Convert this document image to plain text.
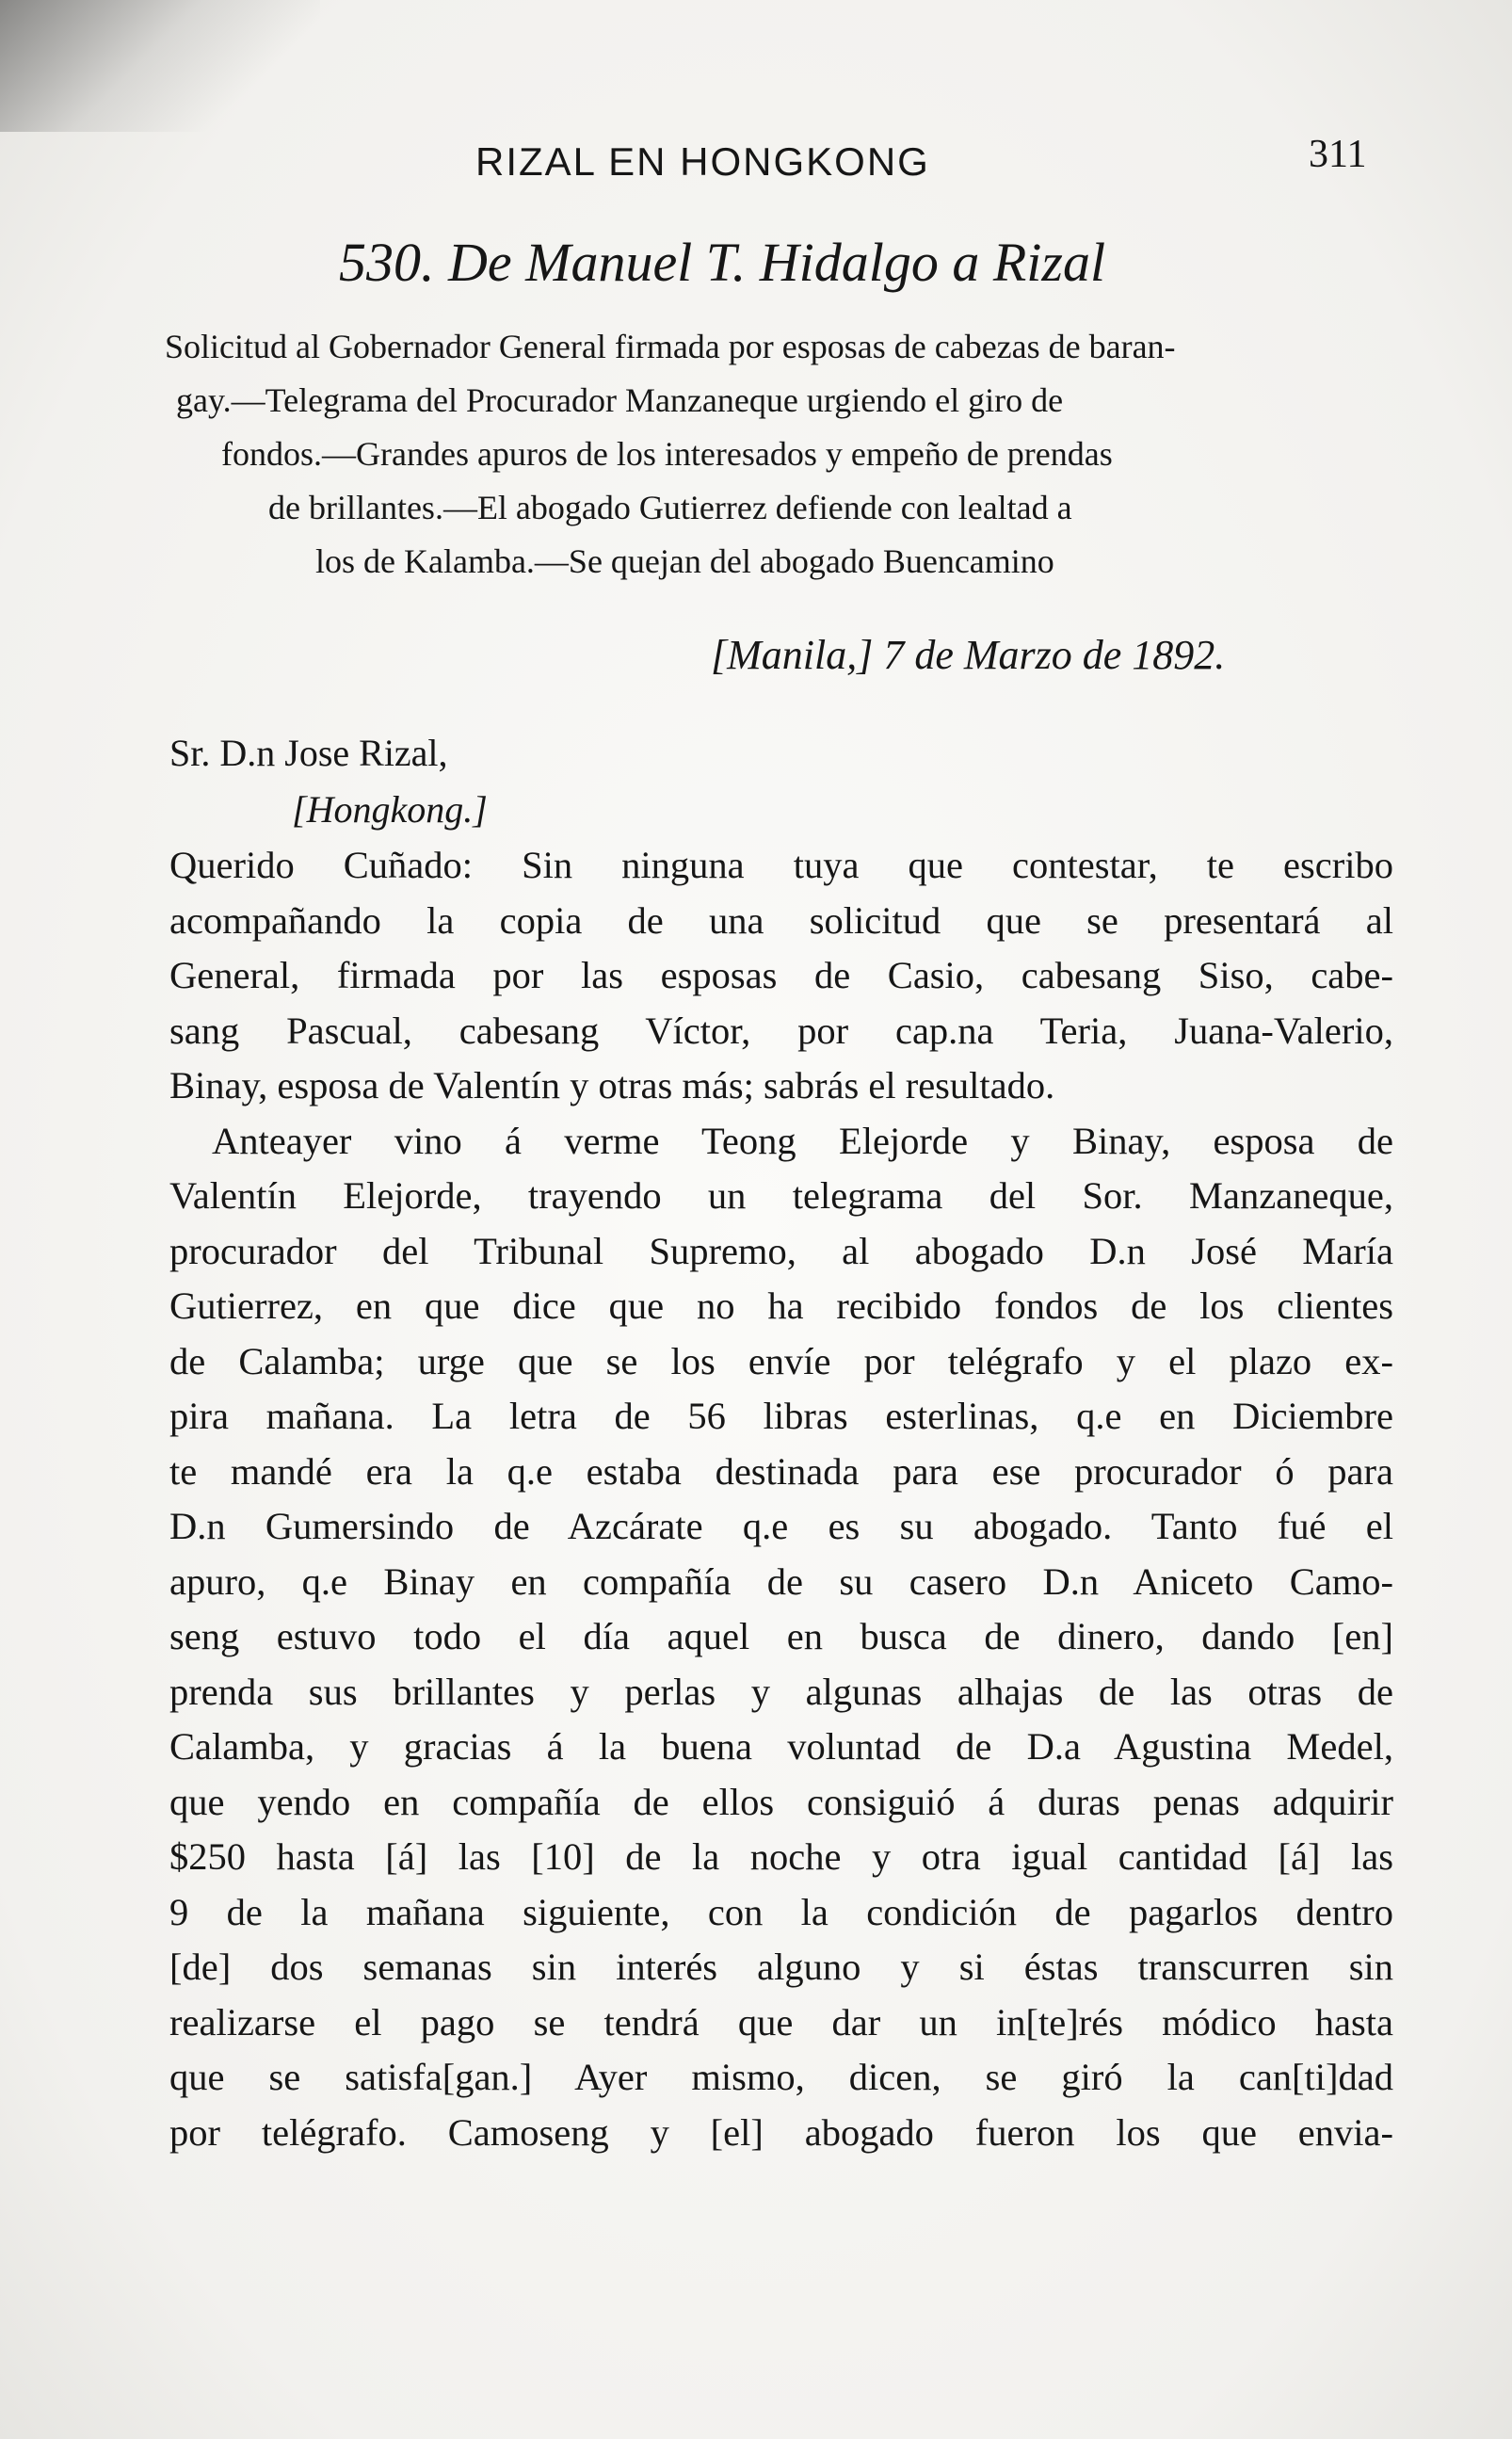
RIZAL EN HONGKONG	311
530. De Manuel T. Hidalgo a Rizal
Solicitud al Gobernador General firmada por esposas de cabezas de baran-
gay.—Telegrama del Procurador Manzaneque urgiendo el giro de
fondos.—Grandes apuros de los interesados y empeño de prendas
de brillantes.—El abogado Gutierrez defiende con lealtad a
los de Kalamba.—Se quejan del abogado Buencamino
[Manila,] 7 de Marzo de 1892.
Sr. D.n Jose Rizal,
[Hongkong.]
Querido Cuñado: Sin ninguna tuya que contestar, te escribo
acompañando la copia de una solicitud que se presentará al
General, firmada por las esposas de Casio, cabesang Siso, cabe-
sang Pascual, cabesang Víctor, por cap.na Teria, Juana-Valerio,
Binay, esposa de Valentín y otras más; sabrás el resultado.
Anteayer vino á verme Teong Elejorde y Binay, esposa de
Valentín Elejorde, trayendo un telegrama del Sor. Manzaneque,
procurador del Tribunal Supremo, al abogado D.n José María
Gutierrez, en que dice que no ha recibido fondos de los clientes
de Calamba; urge que se los envíe por telégrafo y el plazo ex-
pira mañana. La letra de 56 libras esterlinas, q.e en Diciembre
te mandé era la q.e estaba destinada para ese procurador ó para
D.n Gumersindo de Azcárate q.e es su abogado. Tanto fué el
apuro, q.e Binay en compañía de su casero D.n Aniceto Camo-
seng estuvo todo el día aquel en busca de dinero, dando [en]
prenda sus brillantes y perlas y algunas alhajas de las otras de
Calamba, y gracias á la buena voluntad de D.a Agustina Medel,
que yendo en compañía de ellos consiguió á duras penas adquirir
$250 hasta [á] las [10] de la noche y otra igual cantidad [á] las
9 de la mañana siguiente, con la condición de pagarlos dentro
[de] dos semanas sin interés alguno y si éstas transcurren sin
realizarse el pago se tendrá que dar un in[te]rés módico hasta
que se satisfa[gan.] Ayer mismo, dicen, se giró la can[ti]dad
por telégrafo. Camoseng y [el] abogado fueron los que envia-
